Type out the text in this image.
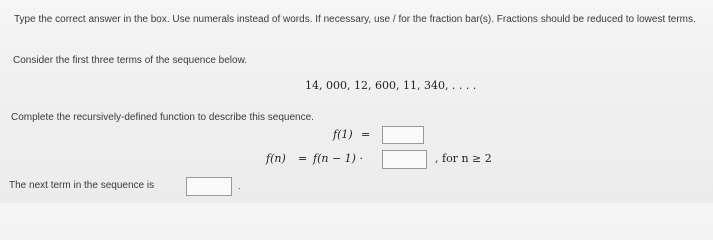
Type the correct answer in the box. Use numerals instead of words. If necessary, use / for the fraction bar(s). Fractions should be reduced to lowest terms.
Consider the first three terms of the sequence below.
14, 000, 12, 600, 11, 340, . . . .
Complete the recursively-defined function to describe this sequence.
f(1) =
f(n) = f(n − 1) ·	, for n ≥ 2
The next term in the sequence is	.
